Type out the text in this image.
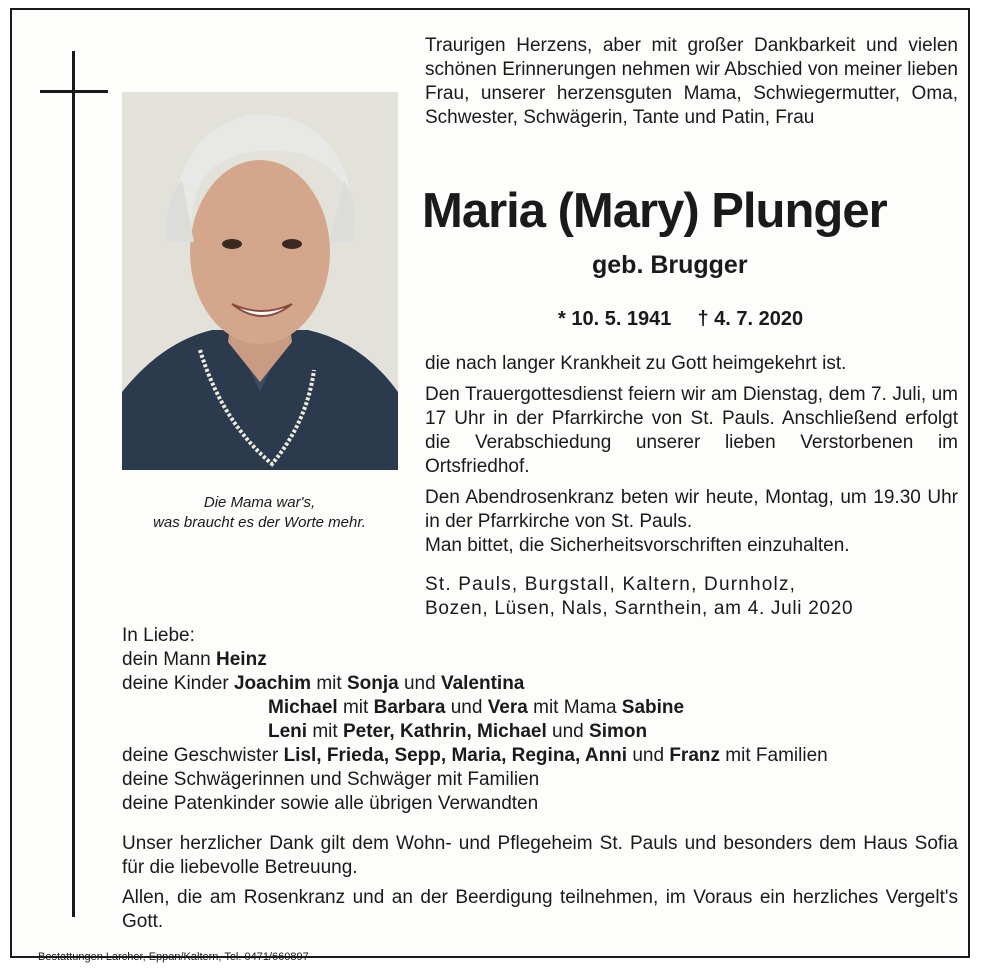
Die Mama war's,
was braucht es der Worte mehr.
Traurigen Herzens, aber mit großer Dankbarkeit und vielen schönen Erinnerungen nehmen wir Abschied von meiner lieben Frau, unserer herzensguten Mama, Schwiegermutter, Oma, Schwester, Schwägerin, Tante und Patin, Frau
Maria (Mary) Plunger
geb. Brugger
* 10. 5. 1941 † 4. 7. 2020

die nach langer Krankheit zu Gott heimgekehrt ist.

Den Trauergottesdienst feiern wir am Dienstag, dem 7. Juli, um 17 Uhr in der Pfarrkirche von St. Pauls. Anschließend erfolgt die Verabschiedung unserer lieben Verstorbenen im Ortsfriedhof.

Den Abendrosenkranz beten wir heute, Montag, um 19.30 Uhr in der Pfarrkirche von St. Pauls.
Man bittet, die Sicherheitsvorschriften einzuhalten.
St. Pauls, Burgstall, Kaltern, Durnholz,
Bozen, Lüsen, Nals, Sarnthein, am 4. Juli 2020
In Liebe:
dein Mann Heinz
deine Kinder Joachim mit Sonja und Valentina
Michael mit Barbara und Vera mit Mama Sabine
Leni mit Peter, Kathrin, Michael und Simon
deine Geschwister Lisl, Frieda, Sepp, Maria, Regina, Anni und Franz mit Familien
deine Schwägerinnen und Schwäger mit Familien
deine Patenkinder sowie alle übrigen Verwandten

Unser herzlicher Dank gilt dem Wohn- und Pflegeheim St. Pauls und besonders dem Haus Sofia für die liebevolle Betreuung.

Allen, die am Rosenkranz und an der Beerdigung teilnehmen, im Voraus ein herzliches Vergelt's Gott.

Bestattungen Larcher, Eppan/Kaltern, Tel. 0471/660897
